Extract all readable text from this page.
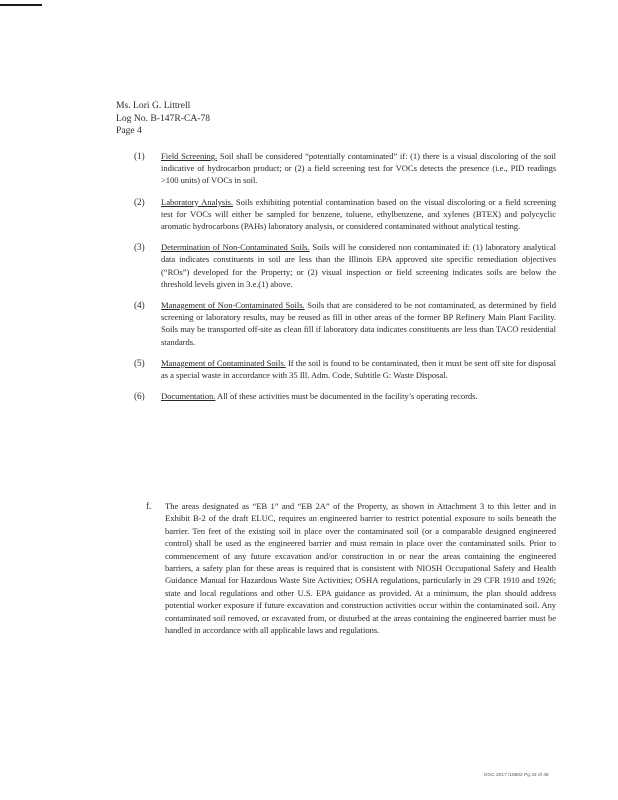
Ms. Lori G. Littrell
Log No. B-147R-CA-78
Page 4
(1) Field Screening. Soil shall be considered “potentially contaminated” if: (1) there is a visual discoloring of the soil indicative of hydrocarbon product; or (2) a field screening test for VOCs detects the presence (i.e., PID readings >100 units) of VOCs in soil.
(2) Laboratory Analysis. Soils exhibiting potential contamination based on the visual discoloring or a field screening test for VOCs will either be sampled for benzene, toluene, ethylbenzene, and xylenes (BTEX) and polycyclic aromatic hydrocarbons (PAHs) laboratory analysis, or considered contaminated without analytical testing.
(3) Determination of Non-Contaminated Soils. Soils will be considered non contaminated if: (1) laboratory analytical data indicates constituents in soil are less than the Illinois EPA approved site specific remediation objectives (“ROs”) developed for the Property; or (2) visual inspection or field screening indicates soils are below the threshold levels given in 3.e.(1) above.
(4) Management of Non-Contaminated Soils. Soils that are considered to be not contaminated, as determined by field screening or laboratory results, may be reused as fill in other areas of the former BP Refinery Main Plant Facility. Soils may be transported off-site as clean fill if laboratory data indicates constituents are less than TACO residential standards.
(5) Management of Contaminated Soils. If the soil is found to be contaminated, then it must be sent off site for disposal as a special waste in accordance with 35 Ill. Adm. Code, Subtitle G: Waste Disposal.
(6) Documentation. All of these activities must be documented in the facility’s operating records.
f. The areas designated as “EB 1” and “EB 2A” of the Property, as shown in Attachment 3 to this letter and in Exhibit B-2 of the draft ELUC, requires an engineered barrier to restrict potential exposure to soils beneath the barrier. Ten feet of the existing soil in place over the contaminated soil (or a comparable designed engineered control) shall be used as the engineered barrier and must remain in place over the contaminated soils. Prior to commencement of any future excavation and/or construction in or near the areas containing the engineered barriers, a safety plan for these areas is required that is consistent with NIOSH Occupational Safety and Health Guidance Manual for Hazardous Waste Site Activities; OSHA regulations, particularly in 29 CFR 1910 and 1926; state and local regulations and other U.S. EPA guidance as provided. At a minimum, the plan should address potential worker exposure if future excavation and construction activities occur within the contaminated soil. Any contaminated soil removed, or excavated from, or disturbed at the areas containing the engineered barrier must be handled in accordance with all applicable laws and regulations.
DOC 2017 /15802 Pg 43 of 48
